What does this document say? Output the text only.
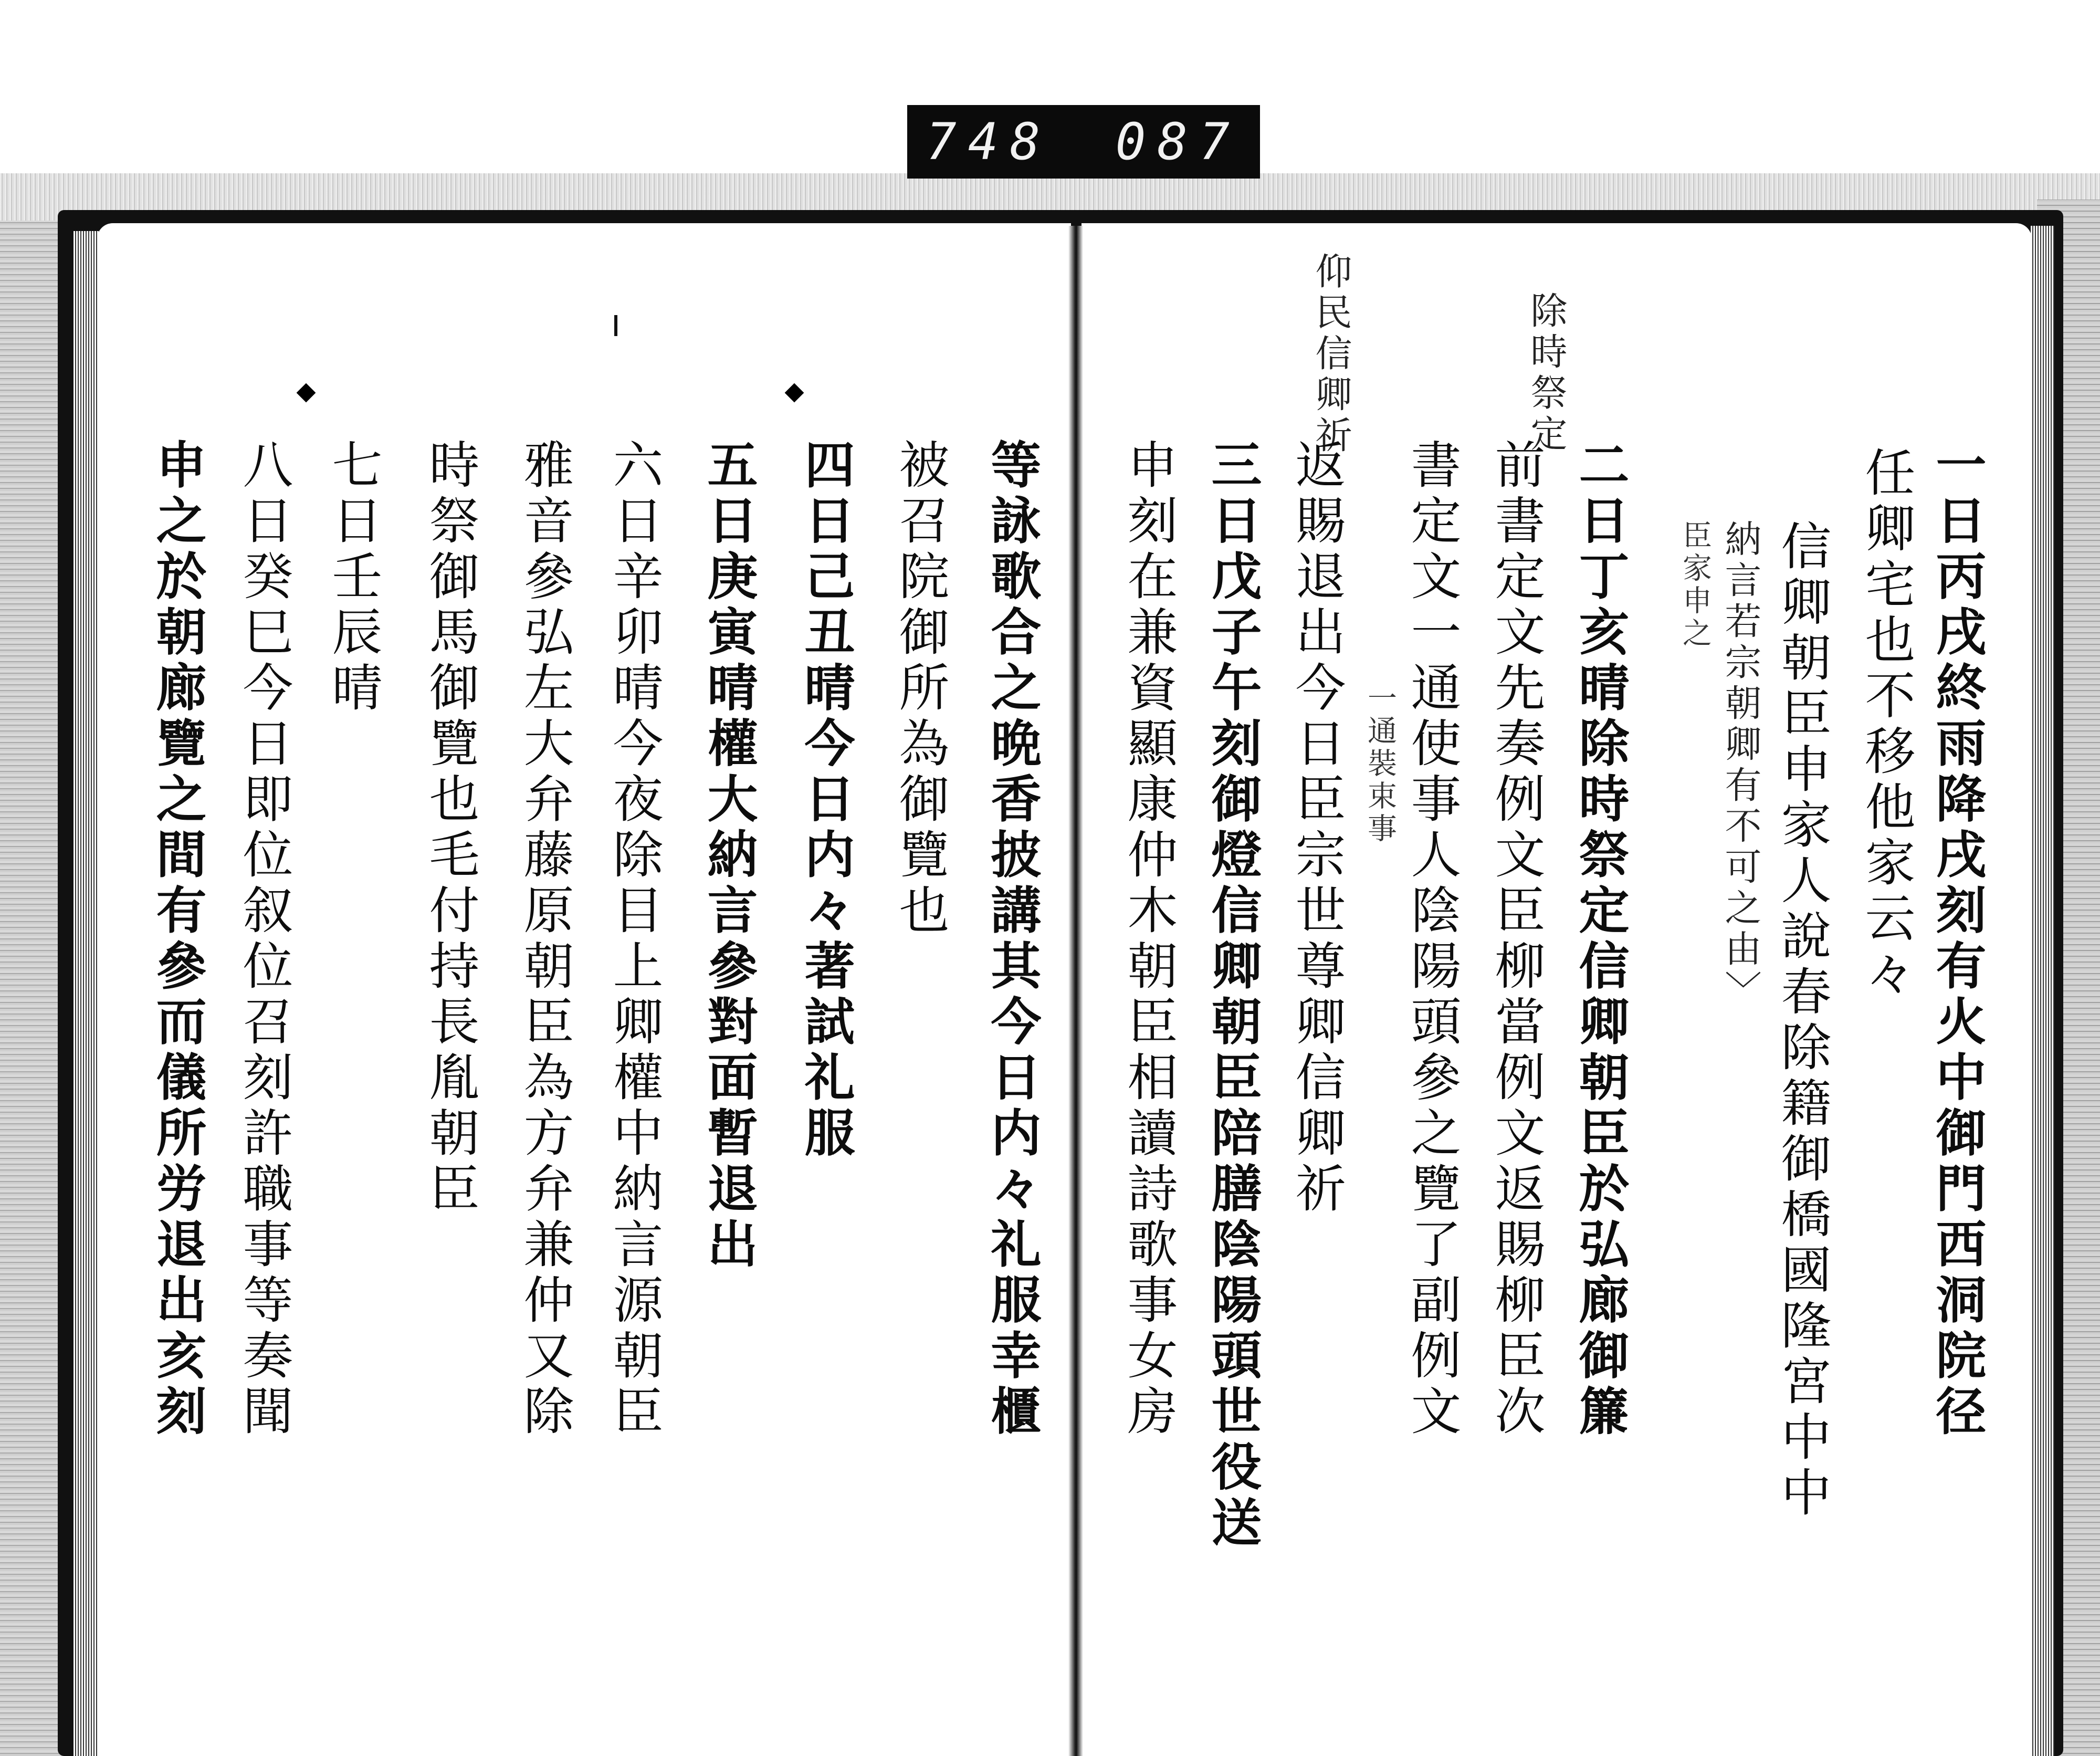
748 087
仰民信卿祈	除時祭定
一日丙戌終雨降戌刻有火中御門西洞院径
任卿宅也不移他家云々
信卿朝臣申家人說春除籍御橋國隆宮中中
納言若宗朝卿有不可之由〉
臣家申之
二日丁亥晴除時祭定信卿朝臣於弘廊御簾
前書定文先奏例文臣柳當例文返賜柳臣次
書定文一通使事人陰陽頭參之覽了副例文
一通裝束事
返賜退出今日臣宗世尊卿信卿祈
三日戊子午刻御燈信卿朝臣陪膳陰陽頭世役送
申刻在兼資顯康仲木朝臣相讀詩歌事女房
等詠歌合之晩香披講其今日内々礼服幸櫃
被召院御所為御覽也
四日己丑晴今日内々著試礼服
五日庚寅晴權大納言參對面暫退出
六日辛卯晴今夜除目上卿權中納言源朝臣
雅音參弘左大弁藤原朝臣為方弁兼仲又除
時祭御馬御覽也毛付持長胤朝臣
七日壬辰晴
八日癸巳今日即位叙位召刻許職事等奏聞
申之於朝廊覽之間有參而儀所労退出亥刻
